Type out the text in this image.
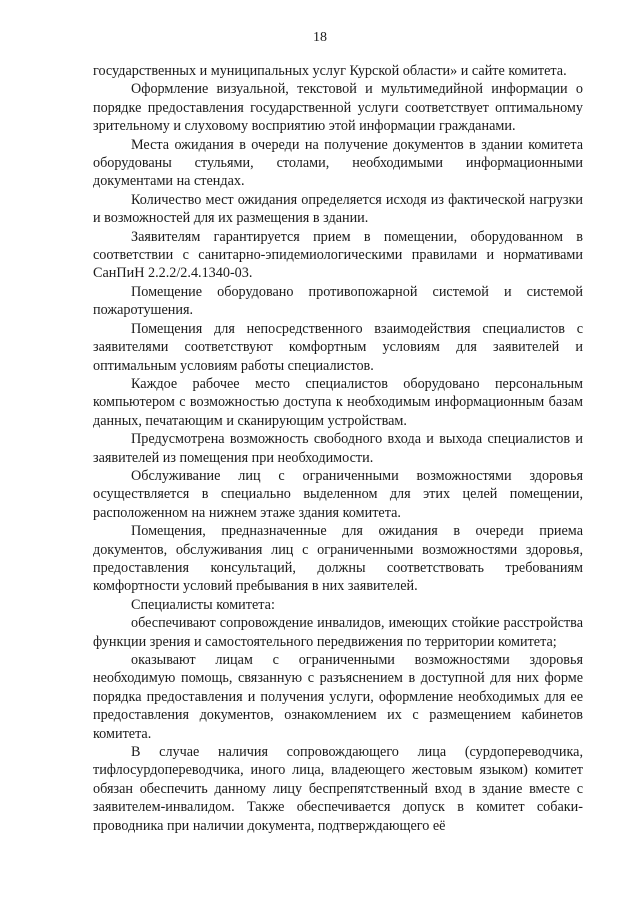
18

государственных и муниципальных услуг Курской области» и сайте комитета.

Оформление визуальной, текстовой и мультимедийной информации о порядке предоставления государственной услуги соответствует оптимальному зрительному и слуховому восприятию этой информации гражданами.

Места ожидания в очереди на получение документов в здании комитета оборудованы стульями, столами, необходимыми информационными документами на стендах.

Количество мест ожидания определяется исходя из фактической нагрузки и возможностей для их размещения в здании.

Заявителям гарантируется прием в помещении, оборудованном в соответствии с санитарно-эпидемиологическими правилами и нормативами СанПиН 2.2.2/2.4.1340-03.

Помещение оборудовано противопожарной системой и системой пожаротушения.

Помещения для непосредственного взаимодействия специалистов с заявителями соответствуют комфортным условиям для заявителей и оптимальным условиям работы специалистов.

Каждое рабочее место специалистов оборудовано персональным компьютером с возможностью доступа к необходимым информационным базам данных, печатающим и сканирующим устройствам.

Предусмотрена возможность свободного входа и выхода специалистов и заявителей из помещения при необходимости.

Обслуживание лиц с ограниченными возможностями здоровья осуществляется в специально выделенном для этих целей помещении, расположенном на нижнем этаже здания комитета.

Помещения, предназначенные для ожидания в очереди приема документов, обслуживания лиц с ограниченными возможностями здоровья, предоставления консультаций, должны соответствовать требованиям комфортности условий пребывания в них заявителей.

Специалисты комитета:

обеспечивают сопровождение инвалидов, имеющих стойкие расстройства функции зрения и самостоятельного передвижения по территории комитета;

оказывают лицам с ограниченными возможностями здоровья необходимую помощь, связанную с разъяснением в доступной для них форме порядка предоставления и получения услуги, оформление необходимых для ее предоставления документов, ознакомлением их с размещением кабинетов комитета.

В случае наличия сопровождающего лица (сурдопереводчика, тифлосурдопереводчика, иного лица, владеющего жестовым языком) комитет обязан обеспечить данному лицу беспрепятственный вход в здание вместе с заявителем-инвалидом. Также обеспечивается допуск в комитет собаки-проводника при наличии документа, подтверждающего её
